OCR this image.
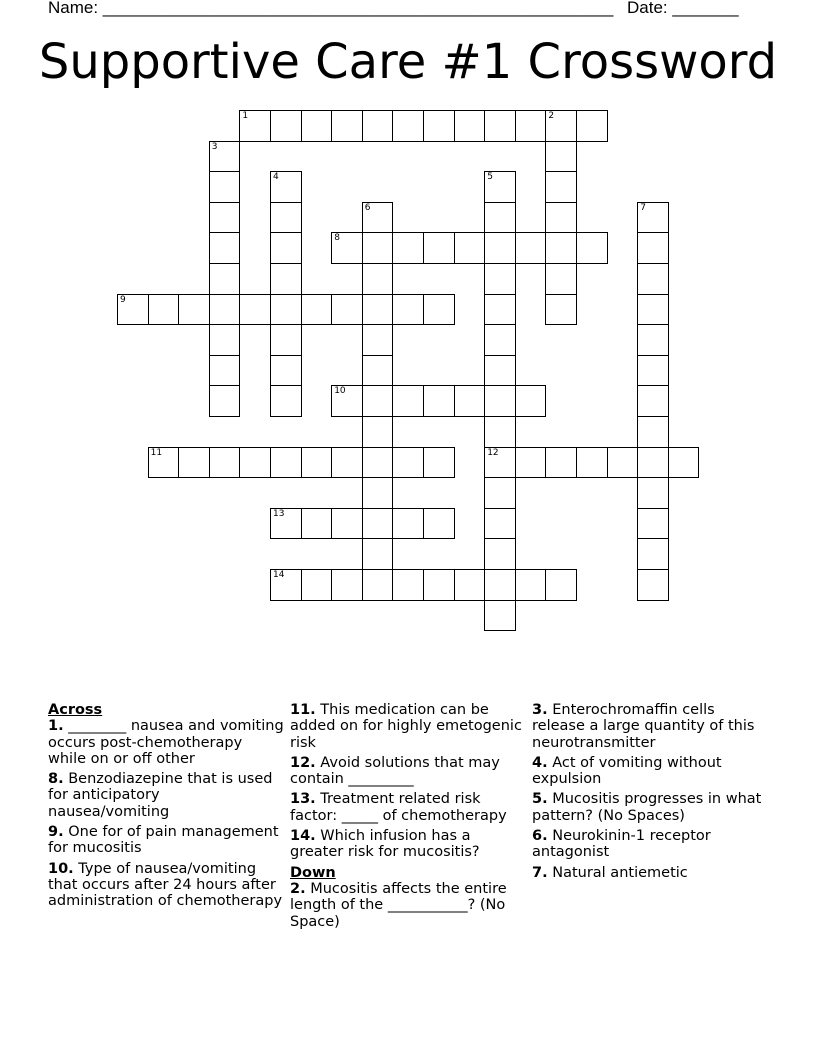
Name: ______________________________________________________ Date: _______
Supportive Care #1 Crossword
1	2
3
4	5
12
6	7
8
9
10
11
13
14
Across
1. ________ nausea and vomiting occurs post-chemotherapy while on or off other
8. Benzodiazepine that is used for anticipatory nausea/vomiting
9. One for of pain management for mucositis
10. Type of nausea/vomiting that occurs after 24 hours after administration of chemotherapy
11. This medication can be added on for highly emetogenic risk
12. Avoid solutions that may contain _________
13. Treatment related risk factor: _____ of chemotherapy
14. Which infusion has a greater risk for mucositis?
Down
2. Mucositis affects the entire length of the ___________? (No Space)
3. Enterochromaffin cells release a large quantity of this neurotransmitter
4. Act of vomiting without expulsion
5. Mucositis progresses in what pattern? (No Spaces)
6. Neurokinin-1 receptor antagonist
7. Natural antiemetic
